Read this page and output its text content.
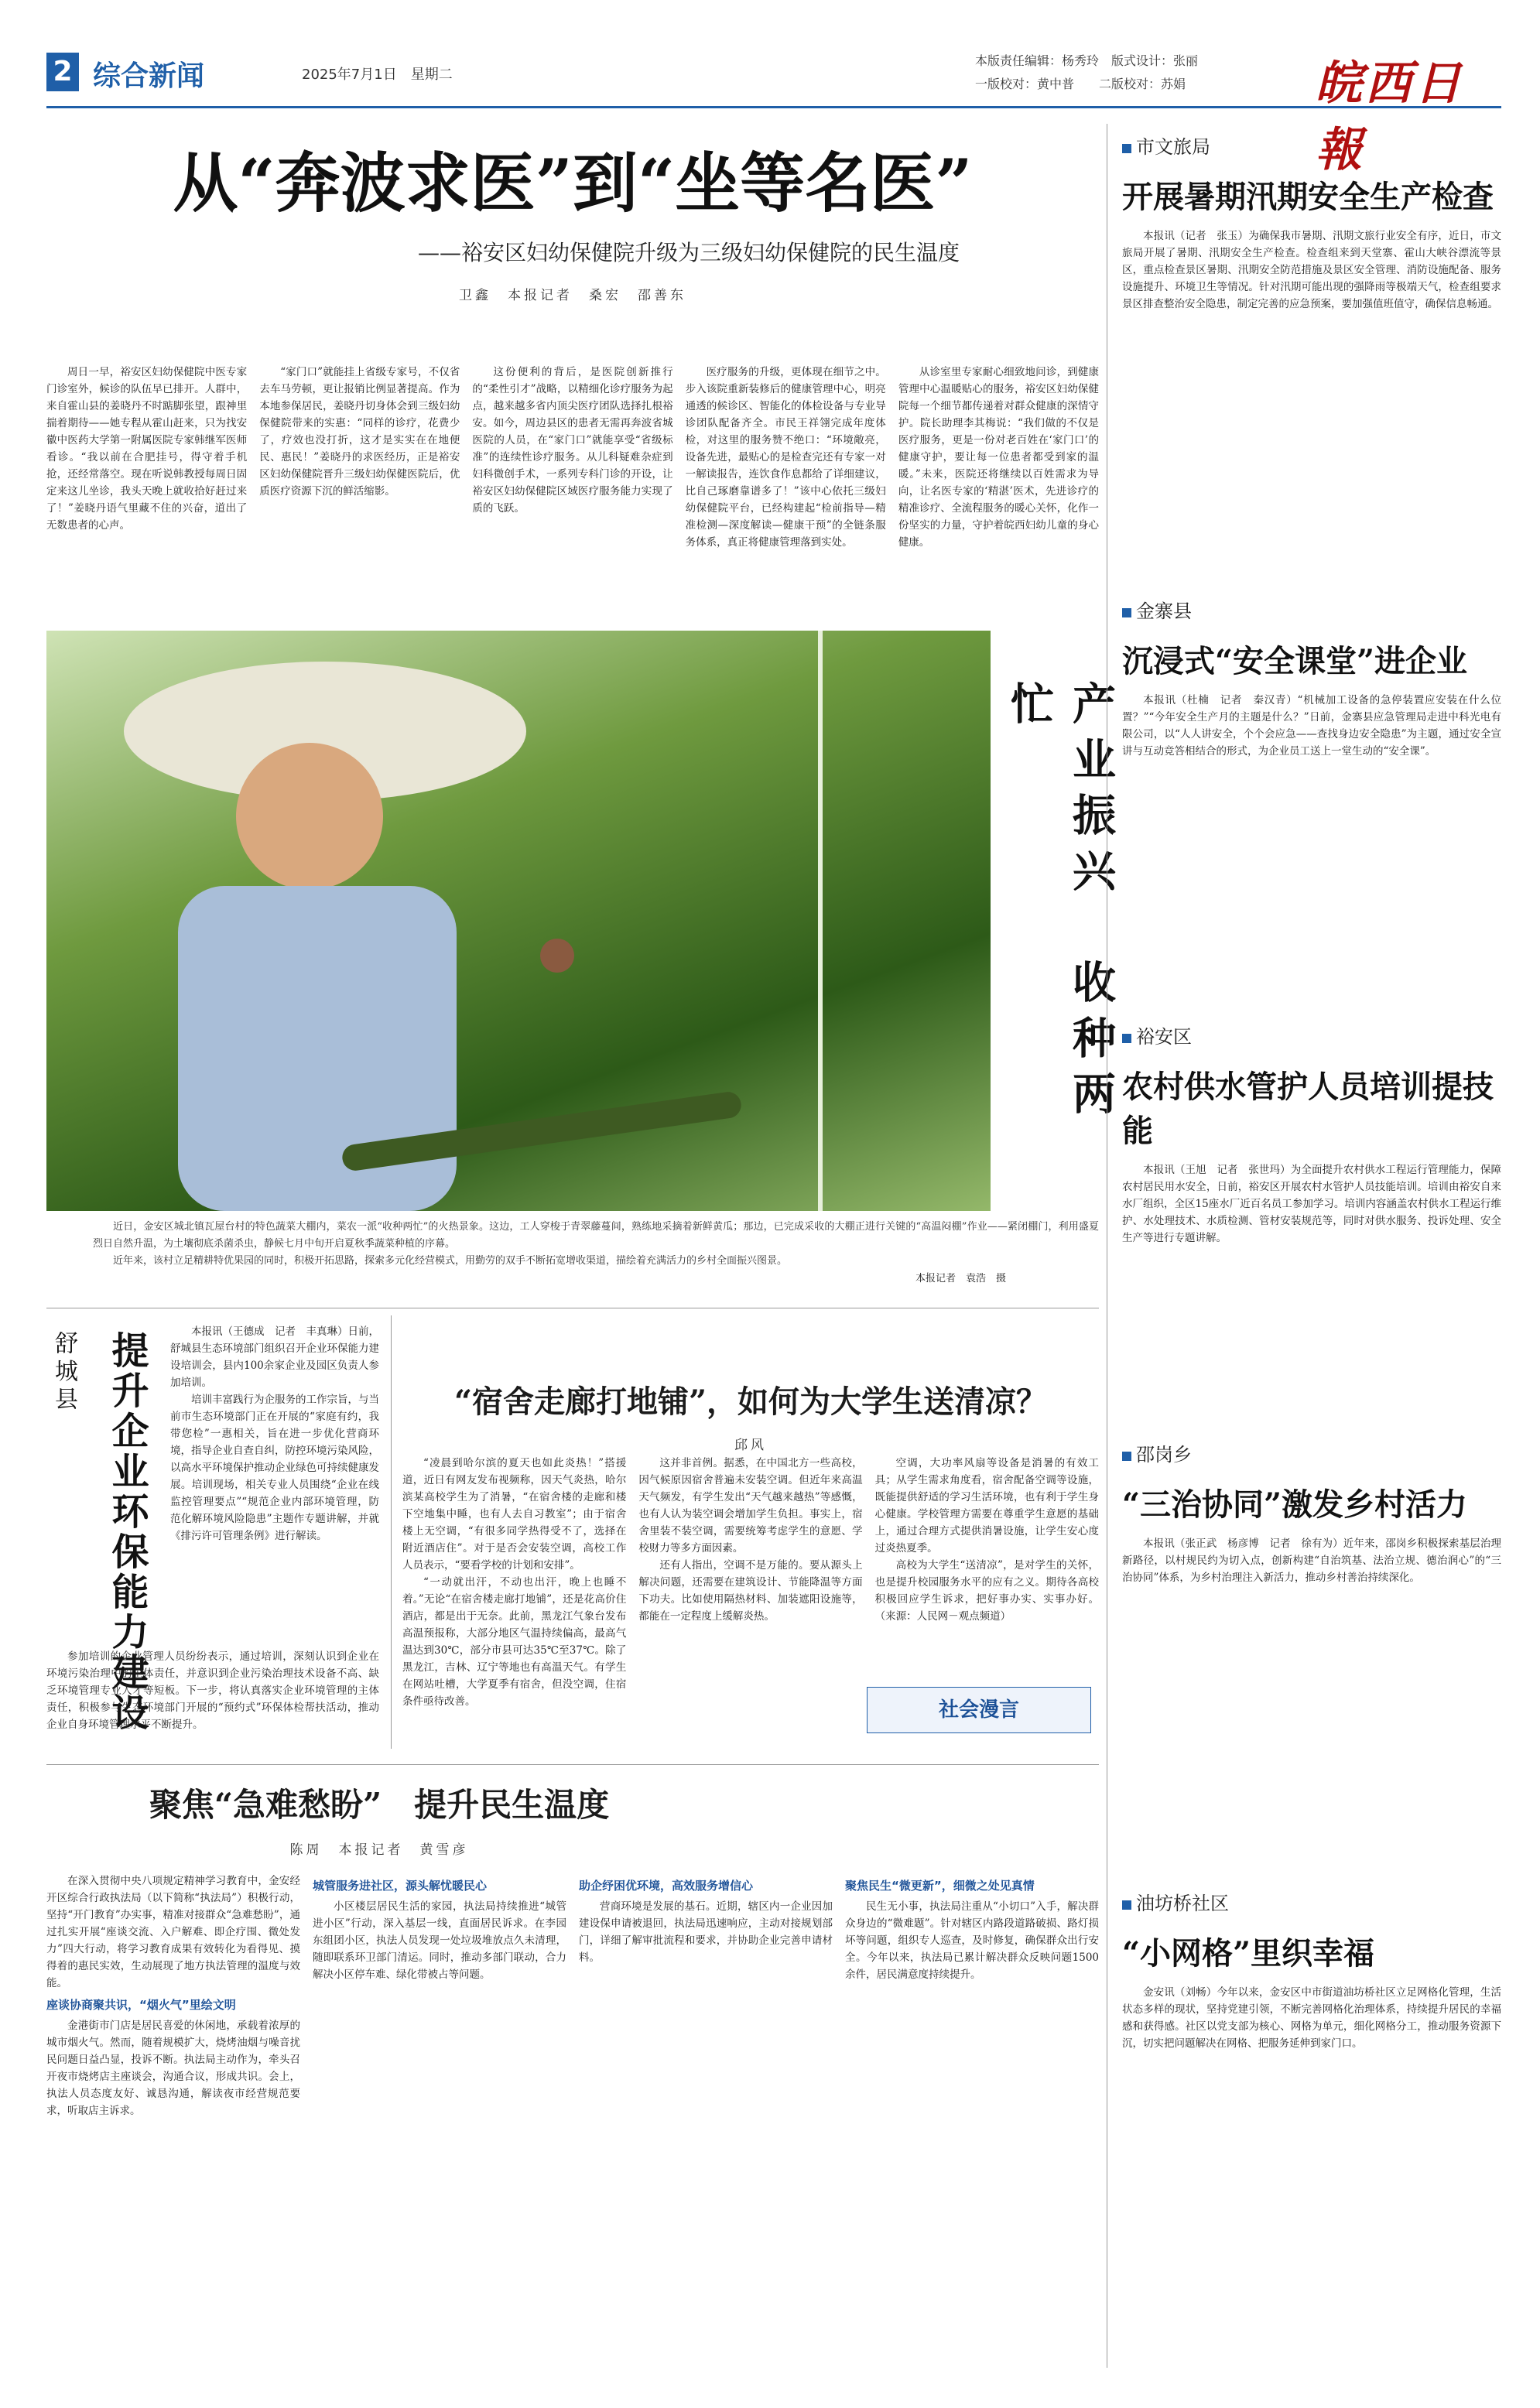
2 综合新闻	2025年7月1日　星期二
本版责任编辑：杨秀玲　版式设计：张丽
一版校对：黄中普　　二版校对：苏娟	皖西日報
从“奔波求医”到“坐等名医”
——裕安区妇幼保健院升级为三级妇幼保健院的民生温度
卫鑫　本报记者　桑宏　邵善东

周日一早，裕安区妇幼保健院中医专家门诊室外，候诊的队伍早已排开。人群中，来自霍山县的姜晓丹不时踮脚张望，跟神里揣着期待——她专程从霍山赶来，只为找安徽中医药大学第一附属医院专家韩继军医师看诊。“我以前在合肥挂号，得守着手机抢，还经常落空。现在听说韩教授每周日固定来这儿坐诊，我头天晚上就收拾好赶过来了！”姜晓丹语气里藏不住的兴奋，道出了无数患者的心声。

“家门口”就能挂上省级专家号，不仅省去车马劳顿，更让报销比例显著提高。作为本地参保居民，姜晓丹切身体会到三级妇幼保健院带来的实惠：“同样的诊疗，花费少了，疗效也没打折，这才是实实在在地便民、惠民！”姜晓丹的求医经历，正是裕安区妇幼保健院晋升三级妇幼保健医院后，优质医疗资源下沉的鲜活缩影。

这份便利的背后，是医院创新推行的“柔性引才”战略，以精细化诊疗服务为起点，越来越多省内顶尖医疗团队选择扎根裕安。如今，周边县区的患者无需再奔波省城医院的人员，在“家门口”就能享受“省级标准”的连续性诊疗服务。从儿科疑难杂症到妇科微创手术，一系列专科门诊的开设，让裕安区妇幼保健院区域医疗服务能力实现了质的飞跃。

医疗服务的升级，更体现在细节之中。步入该院重新装修后的健康管理中心，明亮通透的候诊区、智能化的体检设备与专业导诊团队配备齐全。市民王祥翎完成年度体检，对这里的服务赞不绝口：“环境敞亮，设备先进，最贴心的是检查完还有专家一对一解读报告，连饮食作息都给了详细建议，比自己琢磨靠谱多了！”该中心依托三级妇幼保健院平台，已经构建起“检前指导—精准检测—深度解读—健康干预”的全链条服务体系，真正将健康管理落到实处。

从诊室里专家耐心细致地问诊，到健康管理中心温暖贴心的服务，裕安区妇幼保健院每一个细节都传递着对群众健康的深情守护。院长助理李其梅说：“我们做的不仅是医疗服务，更是一份对老百姓在‘家门口’的健康守护，要让每一位患者都受到家的温暖。”未来，医院还将继续以百姓需求为导向，让名医专家的‘精湛’医术，先进诊疗的精准诊疗、全流程服务的暖心关怀，化作一份坚实的力量，守护着皖西妇幼儿童的身心健康。

产业振兴　收种两忙

近日，金安区城北镇瓦屋台村的特色蔬菜大棚内，菜农一派“收种两忙”的火热景象。这边，工人穿梭于青翠藤蔓间，熟练地采摘着新鲜黄瓜；那边，已完成采收的大棚正进行关键的“高温闷棚”作业——紧闭棚门，利用盛夏烈日自然升温，为土壤彻底杀菌杀虫，静候七月中旬开启夏秋季蔬菜种植的序幕。

近年来，该村立足精耕特优果园的同时，积极开拓思路，探索多元化经营模式，用勤劳的双手不断拓宽增收渠道，描绘着充满活力的乡村全面振兴图景。

本报记者　袁浩　摄
舒城县 提升企业环保能力建设	本报讯（王德成　记者　丰真琳）日前，舒城县生态环境部门组织召开企业环保能力建设培训会，县内100余家企业及园区负责人参加培训。

培训丰富践行为企服务的工作宗旨，与当前市生态环境部门正在开展的“家庭有约，我带您检”一惠相关，旨在进一步优化营商环境，指导企业自查自纠，防控环境污染风险，以高水平环境保护推动企业绿色可持续健康发展。培训现场，相关专业人员围绕“企业在线监控管理要点”“规范企业内部环境管理，防范化解环境风险隐患”主题作专题讲解，并就《排污许可管理条例》进行解读。

参加培训的企业管理人员纷纷表示，通过培训，深刻认识到企业在环境污染治理中的主体责任，并意识到企业污染治理技术设备不高、缺乏环境管理专业人才等短板。下一步，将认真落实企业环境管理的主体责任，积极参与生态环境部门开展的“预约式”环保体检帮扶活动，推动企业自身环境管理水平不断提升。

“宿舍走廊打地铺”，如何为大学生送清凉？
邱风

“凌晨到哈尔滨的夏天也如此炎热！”搭援道，近日有网友发布视频称，因天气炎热，哈尔滨某高校学生为了消暑，“在宿舍楼的走廊和楼下空地集中睡，也有人去自习教室”；由于宿舍楼上无空调，“有很多同学热得受不了，选择在附近酒店住”。对于是否会安装空调，高校工作人员表示，“要看学校的计划和安排”。

“一动就出汗，不动也出汗，晚上也睡不着。”无论“在宿舍楼走廊打地铺”，还是花高价住酒店，都是出于无奈。此前，黑龙江气象台发布高温预报称，大部分地区气温持续偏高，最高气温达到30℃，部分市县可达35℃至37℃。除了黑龙江，吉林、辽宁等地也有高温天气。有学生在网站吐槽，大学夏季有宿舍，但没空调，住宿条件亟待改善。

这并非首例。据悉，在中国北方一些高校，因气候原因宿舍普遍未安装空调。但近年来高温天气频发，有学生发出“天气越来越热”等感慨，也有人认为装空调会增加学生负担。事实上，宿舍里装不装空调，需要统筹考虑学生的意愿、学校财力等多方面因素。

还有人指出，空调不是万能的。要从源头上解决问题，还需要在建筑设计、节能降温等方面下功夫。比如使用隔热材料、加装遮阳设施等，都能在一定程度上缓解炎热。

空调，大功率风扇等设备是消暑的有效工具；从学生需求角度看，宿舍配备空调等设施，既能提供舒适的学习生活环境，也有利于学生身心健康。学校管理方需要在尊重学生意愿的基础上，通过合理方式提供消暑设施，让学生安心度过炎热夏季。

高校为大学生“送清凉”，是对学生的关怀，也是提升校园服务水平的应有之义。期待各高校积极回应学生诉求，把好事办实、实事办好。（来源：人民网－观点频道）

社会漫言
聚焦“急难愁盼”　提升民生温度
陈周　本报记者　黄雪彦

在深入贯彻中央八项规定精神学习教育中，金安经开区综合行政执法局（以下简称“执法局”）积极行动，坚持“开门教育”办实事，精准对接群众“急难愁盼”，通过扎实开展“座谈交流、入户解难、即企疗围、微处发力”四大行动，将学习教育成果有效转化为看得见、摸得着的惠民实效，生动展现了地方执法管理的温度与效能。

座谈协商聚共识，“烟火气”里绘文明

金港街市门店是居民喜爱的休闲地，承载着浓厚的城市烟火气。然而，随着规模扩大，烧烤油烟与噪音扰民问题日益凸显，投诉不断。执法局主动作为，牵头召开夜市烧烤店主座谈会，沟通合议，形成共识。会上，执法人员态度友好、诚恳沟通，解读夜市经营规范要求，听取店主诉求。

城管服务进社区，源头解忧暖民心

小区楼层居民生活的家园，执法局持续推进“城管进小区”行动，深入基层一线，直面居民诉求。在李园东组团小区，执法人员发现一处垃圾堆放点久未清理，随即联系环卫部门清运。同时，推动多部门联动，合力解决小区停车难、绿化带被占等问题。

助企纾困优环境，高效服务增信心

营商环境是发展的基石。近期，辖区内一企业因加建设保申请被退回，执法局迅速响应，主动对接规划部门，详细了解审批流程和要求，并协助企业完善申请材料。

聚焦民生“微更新”，细微之处见真情

民生无小事，执法局注重从“小切口”入手，解决群众身边的“微难题”。针对辖区内路段道路破损、路灯损坏等问题，组织专人巡查，及时修复，确保群众出行安全。今年以来，执法局已累计解决群众反映问题1500余件，居民满意度持续提升。

市文旅局
开展暑期汛期安全生产检查

本报讯（记者　张玉）为确保我市暑期、汛期文旅行业安全有序，近日，市文旅局开展了暑期、汛期安全生产检查。检查组来到天堂寨、霍山大峡谷漂流等景区，重点检查景区暑期、汛期安全防范措施及景区安全管理、消防设施配备、服务设施提升、环境卫生等情况。针对汛期可能出现的强降雨等极端天气，检查组要求景区排查整治安全隐患，制定完善的应急预案，要加强值班值守，确保信息畅通。

金寨县
沉浸式“安全课堂”进企业

本报讯（杜楠　记者　秦汉青）“机械加工设备的急停装置应安装在什么位置？”“今年安全生产月的主题是什么？”日前，金寨县应急管理局走进中科光电有限公司，以“人人讲安全，个个会应急——查找身边安全隐患”为主题，通过安全宣讲与互动竞答相结合的形式，为企业员工送上一堂生动的“安全课”。

裕安区
农村供水管护人员培训提技能

本报讯（王旭　记者　张世玛）为全面提升农村供水工程运行管理能力，保障农村居民用水安全，日前，裕安区开展农村水管护人员技能培训。培训由裕安自来水厂组织，全区15座水厂近百名员工参加学习。培训内容涵盖农村供水工程运行维护、水处理技术、水质检测、管材安装规范等，同时对供水服务、投诉处理、安全生产等进行专题讲解。

邵岗乡
“三治协同”激发乡村活力

本报讯（张正武　杨彦博　记者　徐有为）近年来，邵岗乡积极探索基层治理新路径，以村规民约为切入点，创新构建“自治筑基、法治立规、德治润心”的“三治协同”体系，为乡村治理注入新活力，推动乡村善治持续深化。

油坊桥社区
“小网格”里织幸福

金安讯（刘畅）今年以来，金安区中市街道油坊桥社区立足网格化管理，生活状态多样的现状，坚持党建引领，不断完善网格化治理体系，持续提升居民的幸福感和获得感。社区以党支部为核心、网格为单元，细化网格分工，推动服务资源下沉，切实把问题解决在网格、把服务延伸到家门口。
